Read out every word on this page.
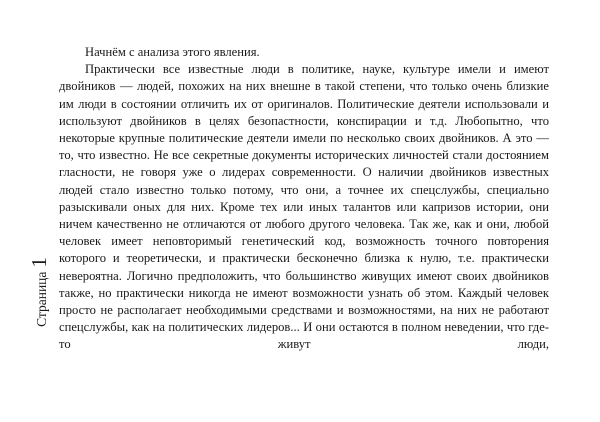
Страница
1

Начнём с анализа этого явления.

Практически все известные люди в политике, науке, культуре имели и имеют двойников — людей, похожих на них внешне в такой степени, что только очень близкие им люди в состоянии отличить их от оригиналов. Политические деятели использовали и используют двойников в целях безопастности, конспирации и т.д. Любопытно, что некоторые крупные политические деятели имели по несколько своих двойников. А это — то, что известно. Не все секретные документы исторических личностей стали достоянием гласности, не говоря уже о лидерах современности. О наличии двойников известных людей стало известно только потому, что они, а точнее их спецслужбы, специально разыскивали оных для них. Кроме тех или иных талантов или капризов истории, они ничем качественно не отличаются от любого другого человека. Так же, как и они, любой человек имеет неповторимый генетический код, возможность точного повторения которого и теоретически, и практически бесконечно близка к нулю, т.е. практически невероятна. Логично предположить, что большинство живущих имеют своих двойников также, но практически никогда не имеют возможности узнать об этом. Каждый человек просто не располагает необходимыми средствами и возможностями, на них не работают спецслужбы, как на политических лидеров... И они остаются в полном неведении, что где-то живут люди,
